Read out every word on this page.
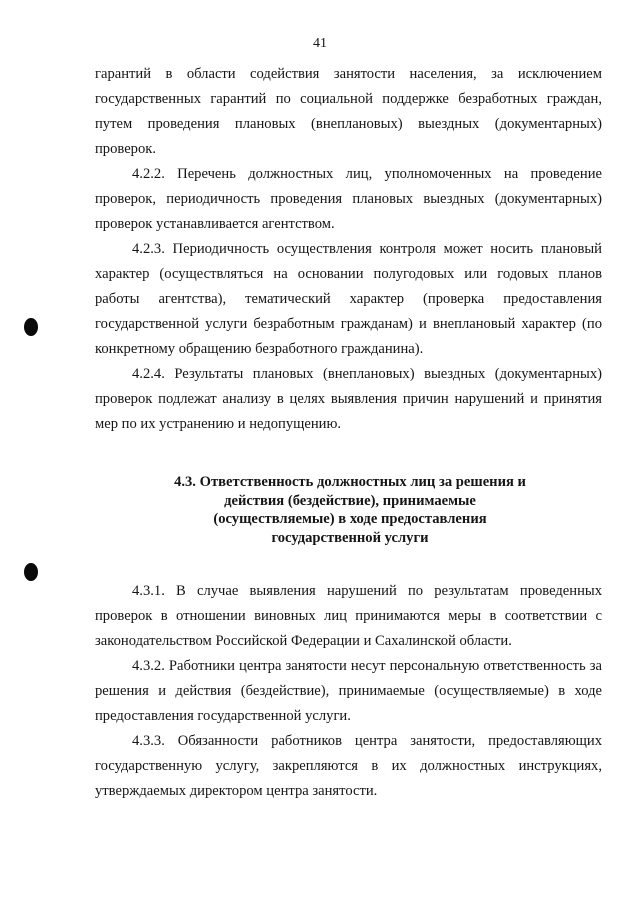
41

гарантий в области содействия занятости населения, за исключением государственных гарантий по социальной поддержке безработных граждан, путем проведения плановых (внеплановых) выездных (документарных) проверок.

4.2.2. Перечень должностных лиц, уполномоченных на проведение проверок, периодичность проведения плановых выездных (документарных) проверок устанавливается агентством.

4.2.3. Периодичность осуществления контроля может носить плановый характер (осуществляться на основании полугодовых или годовых планов работы агентства), тематический характер (проверка предоставления государственной услуги безработным гражданам) и внеплановый характер (по конкретному обращению безработного гражданина).

4.2.4. Результаты плановых (внеплановых) выездных (документарных) проверок подлежат анализу в целях выявления причин нарушений и принятия мер по их устранению и недопущению.

4.3. Ответственность должностных лиц за решения и действия (бездействие), принимаемые (осуществляемые) в ходе предоставления государственной услуги

4.3.1. В случае выявления нарушений по результатам проведенных проверок в отношении виновных лиц принимаются меры в соответствии с законодательством Российской Федерации и Сахалинской области.

4.3.2. Работники центра занятости несут персональную ответственность за решения и действия (бездействие), принимаемые (осуществляемые) в ходе предоставления государственной услуги.

4.3.3. Обязанности работников центра занятости, предоставляющих государственную услугу, закрепляются в их должностных инструкциях, утверждаемых директором центра занятости.
